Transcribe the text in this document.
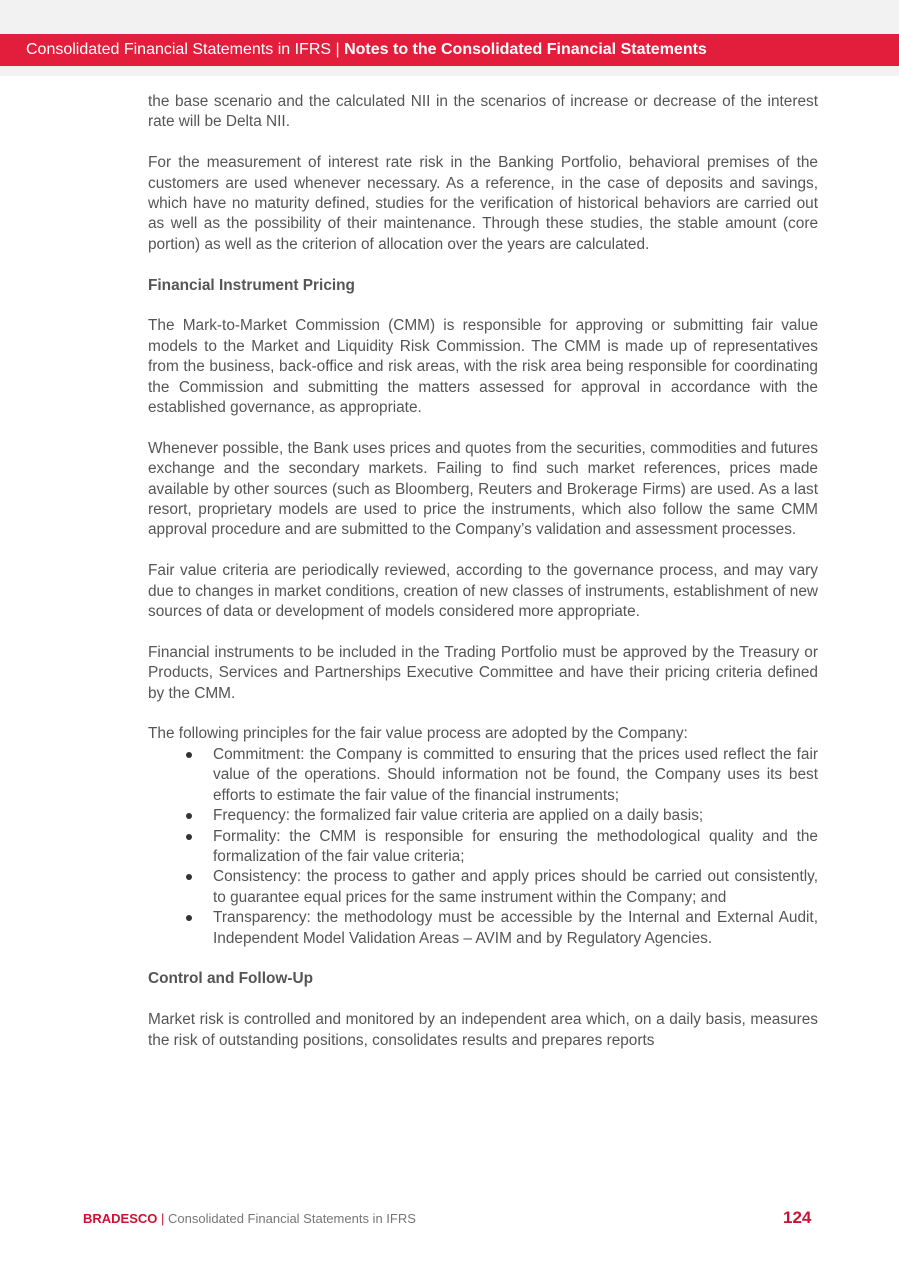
Consolidated Financial Statements in IFRS | Notes to the Consolidated Financial Statements

the base scenario and the calculated NII in the scenarios of increase or decrease of the interest rate will be Delta NII.

For the measurement of interest rate risk in the Banking Portfolio, behavioral premises of the customers are used whenever necessary. As a reference, in the case of deposits and savings, which have no maturity defined, studies for the verification of historical behaviors are carried out as well as the possibility of their maintenance. Through these studies, the stable amount (core portion) as well as the criterion of allocation over the years are calculated.

Financial Instrument Pricing

The Mark-to-Market Commission (CMM) is responsible for approving or submitting fair value models to the Market and Liquidity Risk Commission. The CMM is made up of representatives from the business, back-office and risk areas, with the risk area being responsible for coordinating the Commission and submitting the matters assessed for approval in accordance with the established governance, as appropriate.

Whenever possible, the Bank uses prices and quotes from the securities, commodities and futures exchange and the secondary markets. Failing to find such market references, prices made available by other sources (such as Bloomberg, Reuters and Brokerage Firms) are used. As a last resort, proprietary models are used to price the instruments, which also follow the same CMM approval procedure and are submitted to the Company’s validation and assessment processes.

Fair value criteria are periodically reviewed, according to the governance process, and may vary due to changes in market conditions, creation of new classes of instruments, establishment of new sources of data or development of models considered more appropriate.

Financial instruments to be included in the Trading Portfolio must be approved by the Treasury or Products, Services and Partnerships Executive Committee and have their pricing criteria defined by the CMM.

The following principles for the fair value process are adopted by the Company:

Commitment: the Company is committed to ensuring that the prices used reflect the fair value of the operations. Should information not be found, the Company uses its best efforts to estimate the fair value of the financial instruments;
Frequency: the formalized fair value criteria are applied on a daily basis;
Formality: the CMM is responsible for ensuring the methodological quality and the formalization of the fair value criteria;
Consistency: the process to gather and apply prices should be carried out consistently, to guarantee equal prices for the same instrument within the Company; and
Transparency: the methodology must be accessible by the Internal and External Audit, Independent Model Validation Areas – AVIM and by Regulatory Agencies.
Control and Follow-Up

Market risk is controlled and monitored by an independent area which, on a daily basis, measures the risk of outstanding positions, consolidates results and prepares reports

BRADESCO | Consolidated Financial Statements in IFRS	124
